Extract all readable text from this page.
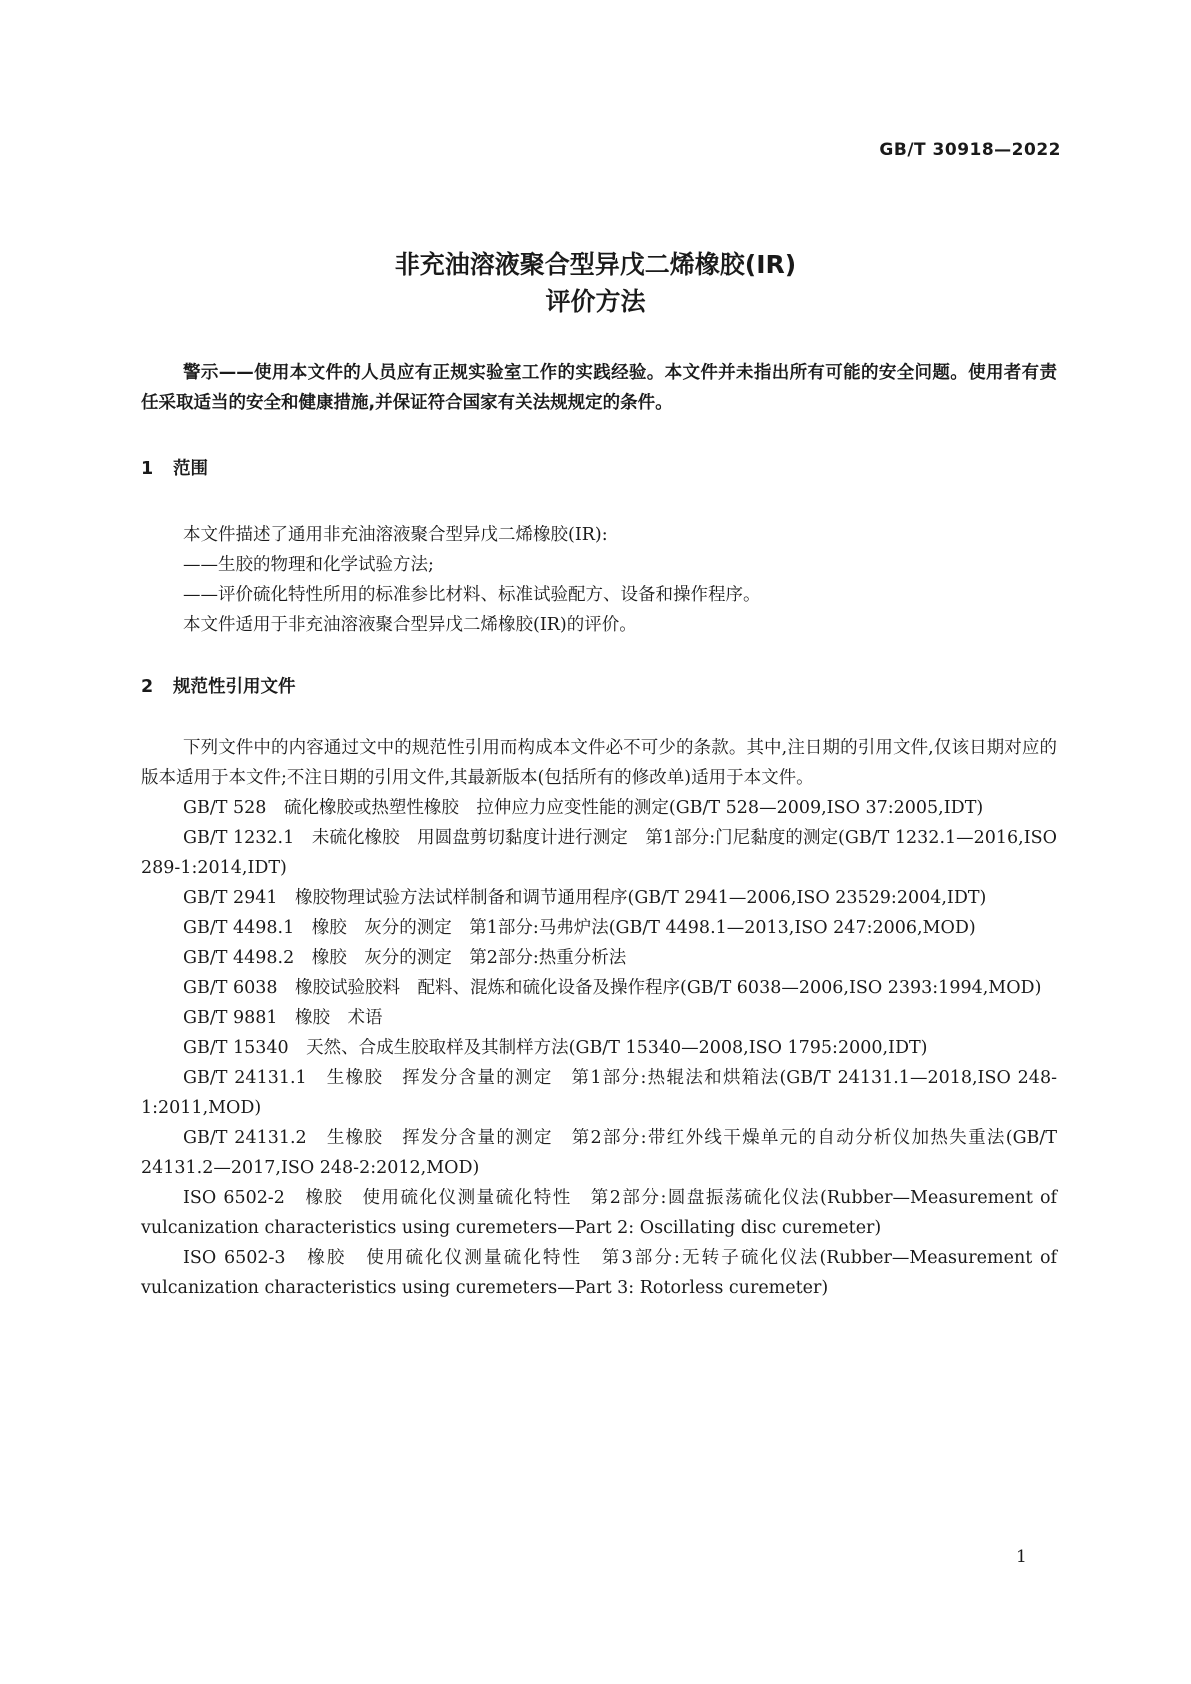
GB/T 30918—2022
非充油溶液聚合型异戊二烯橡胶(IR)
评价方法
警示——使用本文件的人员应有正规实验室工作的实践经验。本文件并未指出所有可能的安全问题。使用者有责任采取适当的安全和健康措施,并保证符合国家有关法规规定的条件。
1 范围

本文件描述了通用非充油溶液聚合型异戊二烯橡胶(IR):

——生胶的物理和化学试验方法;

——评价硫化特性所用的标准参比材料、标准试验配方、设备和操作程序。

本文件适用于非充油溶液聚合型异戊二烯橡胶(IR)的评价。

2 规范性引用文件

下列文件中的内容通过文中的规范性引用而构成本文件必不可少的条款。其中,注日期的引用文件,仅该日期对应的版本适用于本文件;不注日期的引用文件,其最新版本(包括所有的修改单)适用于本文件。

GB/T 528　硫化橡胶或热塑性橡胶　拉伸应力应变性能的测定(GB/T 528—2009,ISO 37:2005,IDT)

GB/T 1232.1　未硫化橡胶　用圆盘剪切黏度计进行测定　第1部分:门尼黏度的测定(GB/T 1232.1—2016,ISO 289-1:2014,IDT)

GB/T 2941　橡胶物理试验方法试样制备和调节通用程序(GB/T 2941—2006,ISO 23529:2004,IDT)

GB/T 4498.1　橡胶　灰分的测定　第1部分:马弗炉法(GB/T 4498.1—2013,ISO 247:2006,MOD)

GB/T 4498.2　橡胶　灰分的测定　第2部分:热重分析法

GB/T 6038　橡胶试验胶料　配料、混炼和硫化设备及操作程序(GB/T 6038—2006,ISO 2393:1994,MOD)

GB/T 9881　橡胶　术语

GB/T 15340　天然、合成生胶取样及其制样方法(GB/T 15340—2008,ISO 1795:2000,IDT)

GB/T 24131.1　生橡胶　挥发分含量的测定　第1部分:热辊法和烘箱法(GB/T 24131.1—2018,ISO 248-1:2011,MOD)

GB/T 24131.2　生橡胶　挥发分含量的测定　第2部分:带红外线干燥单元的自动分析仪加热失重法(GB/T 24131.2—2017,ISO 248-2:2012,MOD)

ISO 6502-2　橡胶　使用硫化仪测量硫化特性　第2部分:圆盘振荡硫化仪法(Rubber—Measurement of vulcanization characteristics using curemeters—Part 2: Oscillating disc curemeter)

ISO 6502-3　橡胶　使用硫化仪测量硫化特性　第3部分:无转子硫化仪法(Rubber—Measurement of vulcanization characteristics using curemeters—Part 3: Rotorless curemeter)

1
